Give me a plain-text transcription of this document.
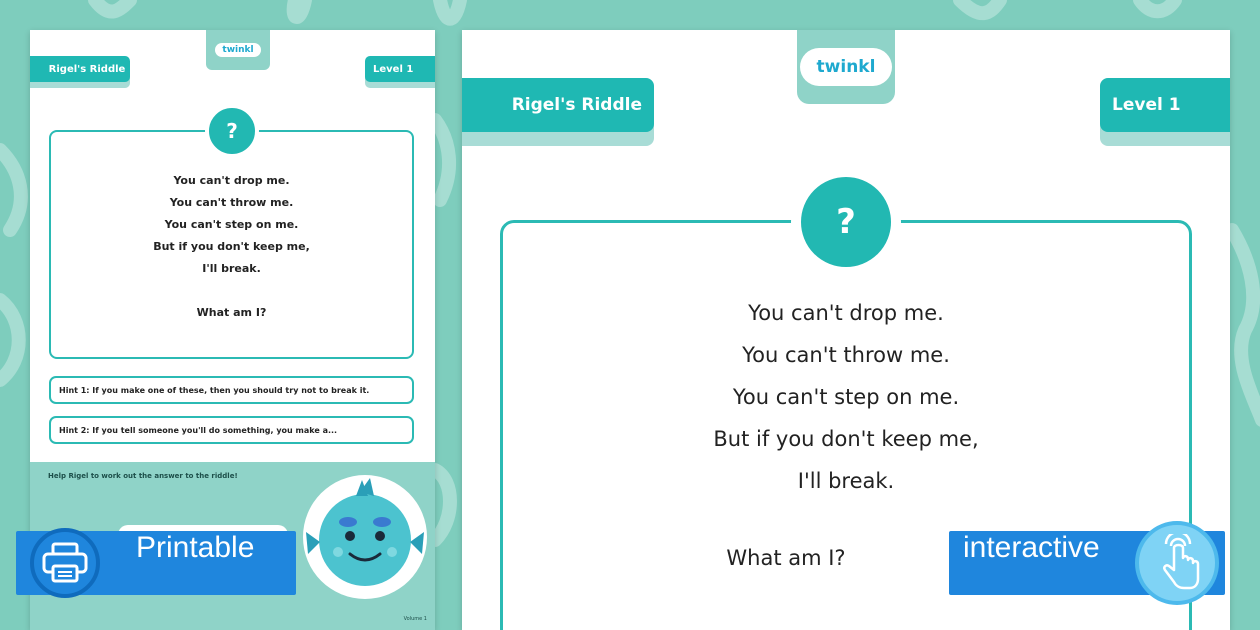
twinkl
Rigel's Riddle	Level 1
?
You can't drop me.
You can't throw me.
You can't step on me.
But if you don't keep me,
I'll break.
What am I?
Hint 1: If you make one of these, then you should try not to break it.
Hint 2: If you tell someone you'll do something, you make a...
Help Rigel to work out the answer to the riddle!
Volume 1
twinkl
Rigel's Riddle	Level 1
?
You can't drop me.
You can't throw me.
You can't step on me.
But if you don't keep me,
I'll break.
What am I?
Printable	interactive
